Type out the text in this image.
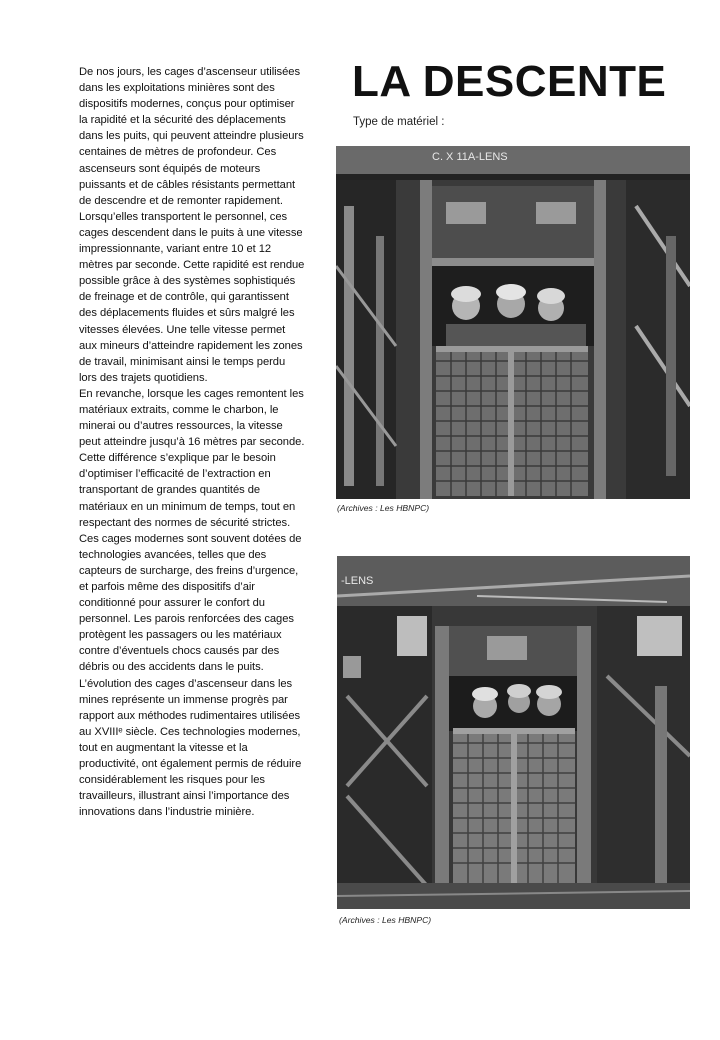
De nos jours, les cages d’ascenseur utilisées dans les exploitations minières sont des dispositifs modernes, conçus pour optimiser la rapidité et la sécurité des déplacements dans les puits, qui peuvent atteindre plusieurs centaines de mètres de profondeur. Ces ascenseurs sont équipés de moteurs puissants et de câbles résistants permettant de descendre et de remonter rapidement. Lorsqu’elles transportent le personnel, ces cages descendent dans le puits à une vitesse impressionnante, variant entre 10 et 12 mètres par seconde. Cette rapidité est rendue possible grâce à des systèmes sophistiqués de freinage et de contrôle, qui garantissent des déplacements fluides et sûrs malgré les vitesses élevées. Une telle vitesse permet aux mineurs d’atteindre rapidement les zones de travail, minimisant ainsi le temps perdu lors des trajets quotidiens.

En revanche, lorsque les cages remontent les matériaux extraits, comme le charbon, le minerai ou d’autres ressources, la vitesse peut atteindre jusqu’à 16 mètres par seconde. Cette différence s’explique par le besoin d’optimiser l’efficacité de l’extraction en transportant de grandes quantités de matériaux en un minimum de temps, tout en respectant des normes de sécurité strictes.

Ces cages modernes sont souvent dotées de technologies avancées, telles que des capteurs de surcharge, des freins d’urgence, et parfois même des dispositifs d’air conditionné pour assurer le confort du personnel. Les parois renforcées des cages protègent les passagers ou les matériaux contre d’éventuels chocs causés par des débris ou des accidents dans le puits.

L’évolution des cages d’ascenseur dans les mines représente un immense progrès par rapport aux méthodes rudimentaires utilisées au XVIIIᵉ siècle. Ces technologies modernes, tout en augmentant la vitesse et la productivité, ont également permis de réduire considérablement les risques pour les travailleurs, illustrant ainsi l’importance des innovations dans l’industrie minière.

LA DESCENTE
Type de matériel :
C. X 11A-LENS
(Archives : Les HBNPC)
-LENS
(Archives : Les HBNPC)
